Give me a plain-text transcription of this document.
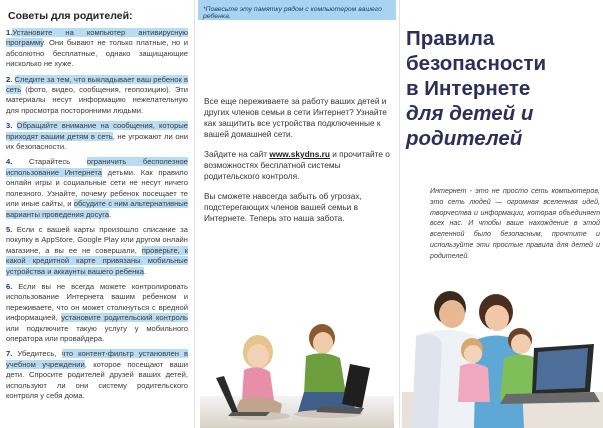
Советы для родителей:
1.Установите на компьютер антивирусную программу. Они бывают не только платные, но и абсолютно бесплатные, однако защищающие нисколько не хуже.
2. Следите за тем, что выкладывает ваш ребенок в сеть (фото, видео, сообщения, геопозицию). Эти материалы несут информацию нежелательную для просмотра посторонними людьми.
3. Обращайте внимание на сообщения, которые приходят вашим детям в сеть, не угрожают ли они их безопасности.
4. Старайтесь ограничить бесполезное использование Интернета детьми. Как правило онлайн игры и социальные сети не несут ничего полезного. Узнайте, почему ребенок посещает те или иные сайты, и обсудите с ним альтернативные варианты проведения досуга.
5. Если с вашей карты произошло списание за покупку в AppStore, Google Play или другом онлайн магазине, а вы ее не совершали, проверьте, к какой кредитной карте привязаны мобильные устройства и аккаунты вашего ребенка.
6. Если вы не всегда можете контролировать использование Интернета вашим ребенком и переживаете, что он может столкнуться с вредной информацией, установите родительский контроль или подключите такую услугу у мобильного оператора или провайдера.
7. Убедитесь, что контент-фильтр установлен в учебном учреждении, которое посещают ваши дети. Спросите родителей друзей ваших детей, используют ли они систему родительского контроля у себя дома.
*Повесьте эту памятку рядом с компьютером вашего ребенка.

Все еще переживаете за работу ваших детей и других членов семьи в сети Интернет? Узнайте как защитить все устройства подключенные к вашей домашней сети.

Зайдите на сайт www.skydns.ru и прочитайте о возможностях бесплатной системы родительского контроля.

Вы сможете навсегда забыть об угрозах, подстерегающих членов вашей семьи в Интернете. Теперь это наша забота.

Правила
безопасности
в Интернете
для детей и
родителей
Интернет - это не просто сеть компьютеров, это сеть людей — огромная вселенная идей, творчества и информации, которая объединяет всех нас. И чтобы ваше нахождение в этой вселенной было безопасным, прочтите и используйте эти простые правила для детей и родителей.
